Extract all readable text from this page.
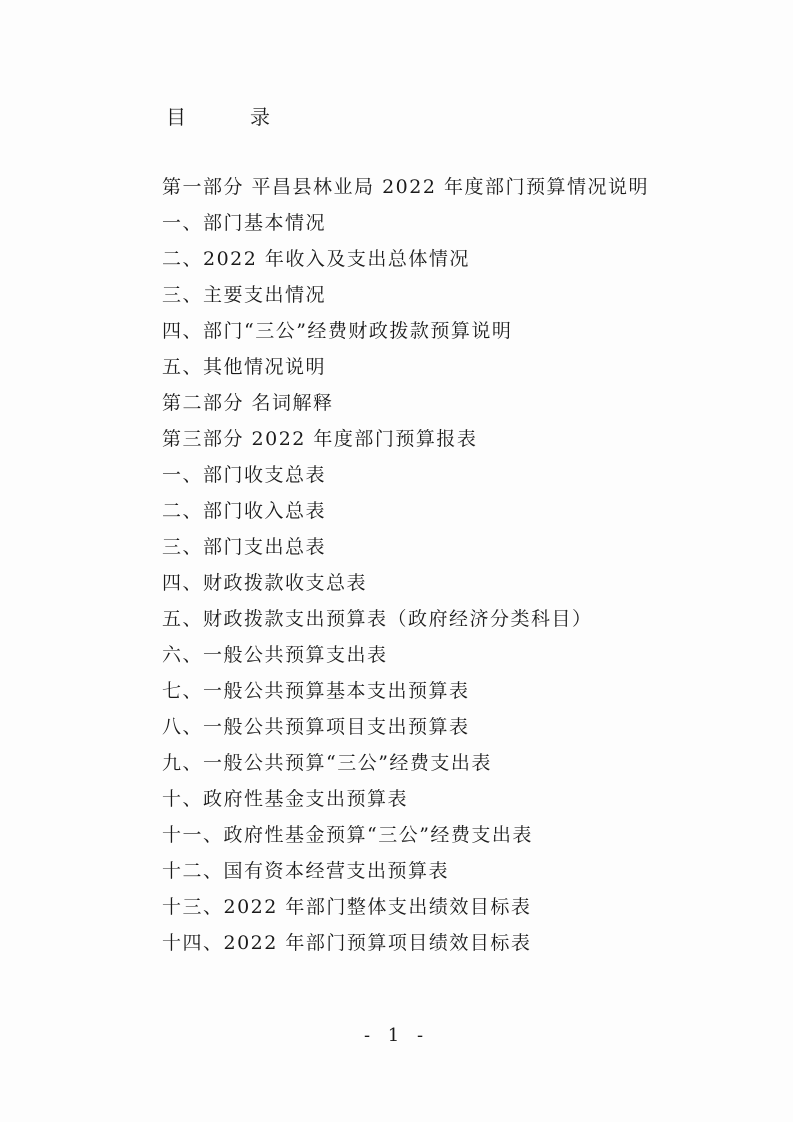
目	录
第一部分 平昌县林业局 2022 年度部门预算情况说明
一、部门基本情况
二、2022 年收入及支出总体情况
三、主要支出情况
四、部门“三公”经费财政拨款预算说明
五、其他情况说明
第二部分 名词解释
第三部分 2022 年度部门预算报表
一、部门收支总表
二、部门收入总表
三、部门支出总表
四、财政拨款收支总表
五、财政拨款支出预算表（政府经济分类科目）
六、一般公共预算支出表
七、一般公共预算基本支出预算表
八、一般公共预算项目支出预算表
九、一般公共预算“三公”经费支出表
十、政府性基金支出预算表
十一、政府性基金预算“三公”经费支出表
十二、国有资本经营支出预算表
十三、2022 年部门整体支出绩效目标表
十四、2022 年部门预算项目绩效目标表
- 1 -
